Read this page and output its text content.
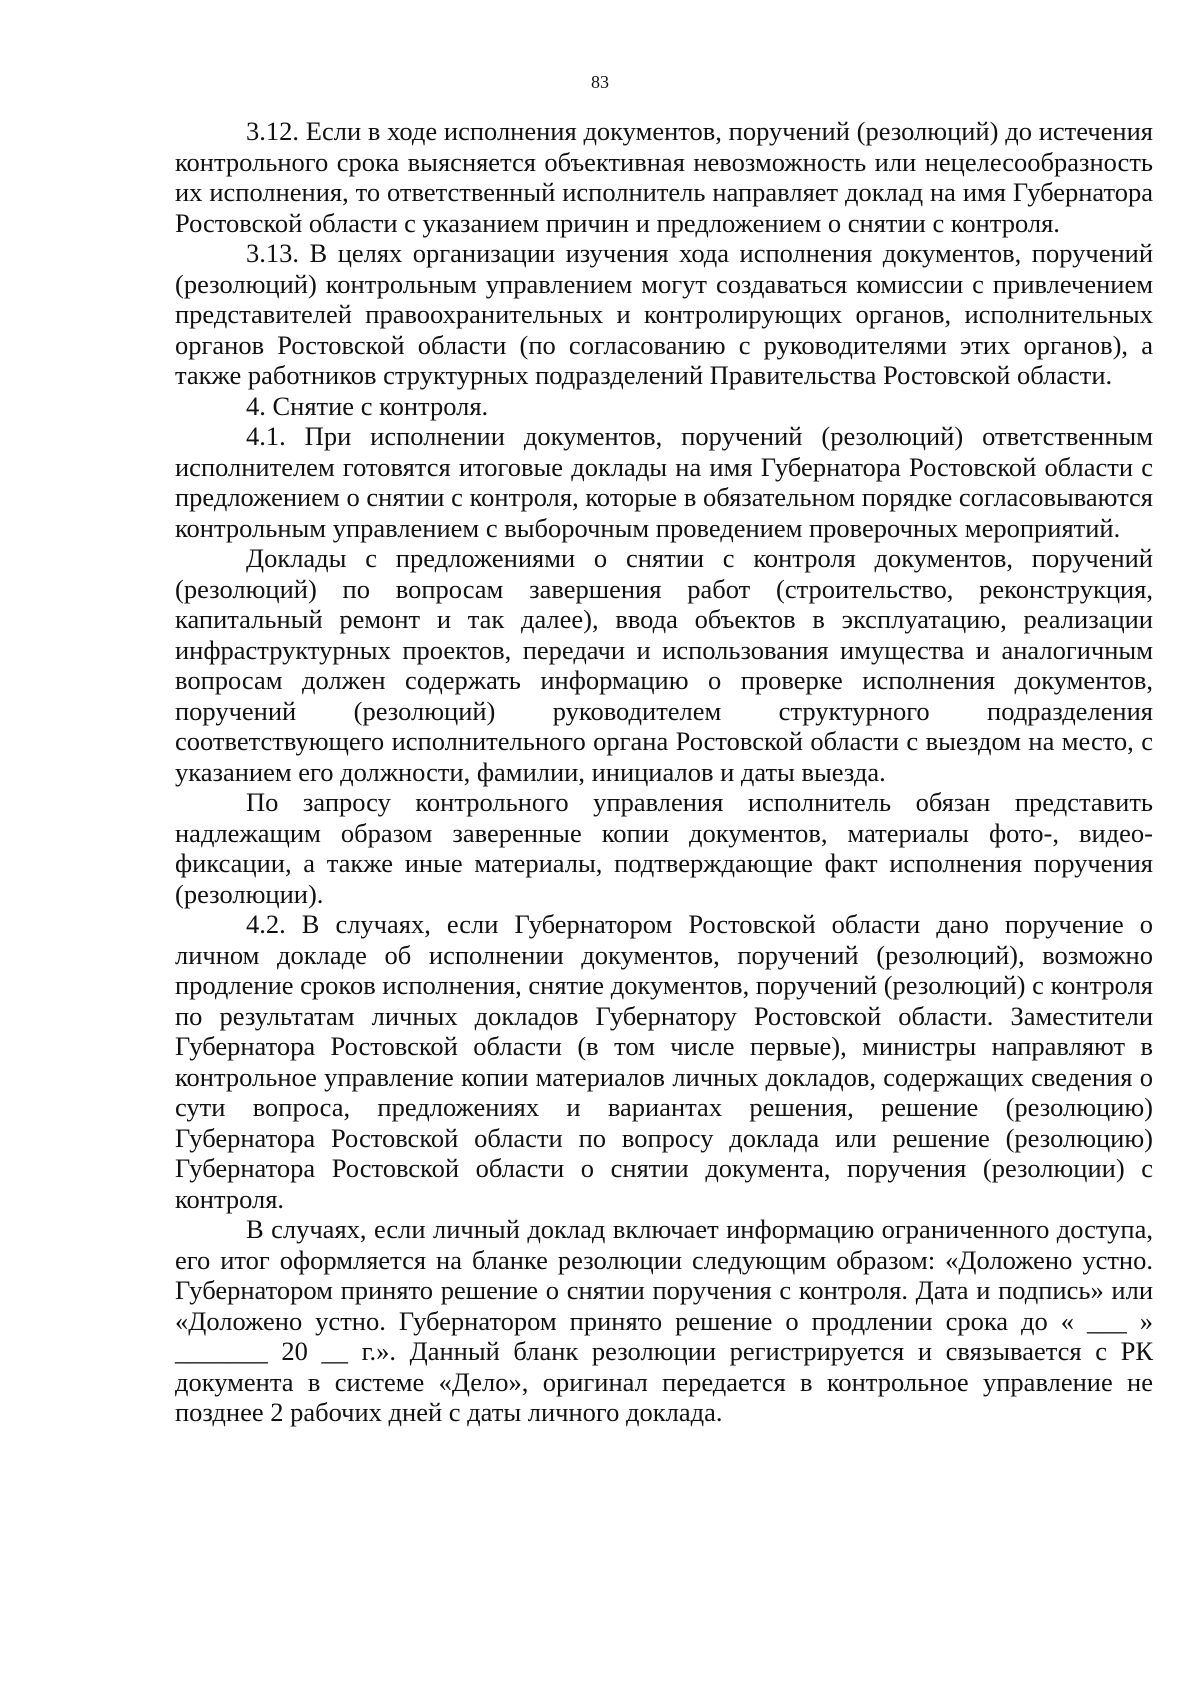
83

3.12. Если в ходе исполнения документов, поручений (резолюций) до истечения контрольного срока выясняется объективная невозможность или нецелесообразность их исполнения, то ответственный исполнитель направляет доклад на имя Губернатора Ростовской области с указанием причин и предложением о снятии с контроля.

3.13. В целях организации изучения хода исполнения документов, поручений (резолюций) контрольным управлением могут создаваться комиссии с привлечением представителей правоохранительных и контролирующих органов, исполнительных органов Ростовской области (по согласованию с руководителями этих органов), а также работников структурных подразделений Правительства Ростовской области.

4. Снятие с контроля.

4.1. При исполнении документов, поручений (резолюций) ответственным исполнителем готовятся итоговые доклады на имя Губернатора Ростовской области с предложением о снятии с контроля, которые в обязательном порядке согласовываются контрольным управлением с выборочным проведением проверочных мероприятий.

Доклады с предложениями о снятии с контроля документов, поручений (резолюций) по вопросам завершения работ (строительство, реконструкция, капитальный ремонт и так далее), ввода объектов в эксплуатацию, реализации инфраструктурных проектов, передачи и использования имущества и аналогичным вопросам должен содержать информацию о проверке исполнения документов, поручений (резолюций) руководителем структурного подразделения соответствующего исполнительного органа Ростовской области с выездом на место, с указанием его должности, фамилии, инициалов и даты выезда.

По запросу контрольного управления исполнитель обязан представить надлежащим образом заверенные копии документов, материалы фото-, видео-фиксации, а также иные материалы, подтверждающие факт исполнения поручения (резолюции).

4.2. В случаях, если Губернатором Ростовской области дано поручение о личном докладе об исполнении документов, поручений (резолюций), возможно продление сроков исполнения, снятие документов, поручений (резолюций) с контроля по результатам личных докладов Губернатору Ростовской области. Заместители Губернатора Ростовской области (в том числе первые), министры направляют в контрольное управление копии материалов личных докладов, содержащих сведения о сути вопроса, предложениях и вариантах решения, решение (резолюцию) Губернатора Ростовской области по вопросу доклада или решение (резолюцию) Губернатора Ростовской области о снятии документа, поручения (резолюции) с контроля.

В случаях, если личный доклад включает информацию ограниченного доступа, его итог оформляется на бланке резолюции следующим образом: «Доложено устно. Губернатором принято решение о снятии поручения с контроля. Дата и подпись» или «Доложено устно. Губернатором принято решение о продлении срока до « ___ » _______ 20 __ г.». Данный бланк резолюции регистрируется и связывается с РК документа в системе «Дело», оригинал передается в контрольное управление не позднее 2 рабочих дней с даты личного доклада.
